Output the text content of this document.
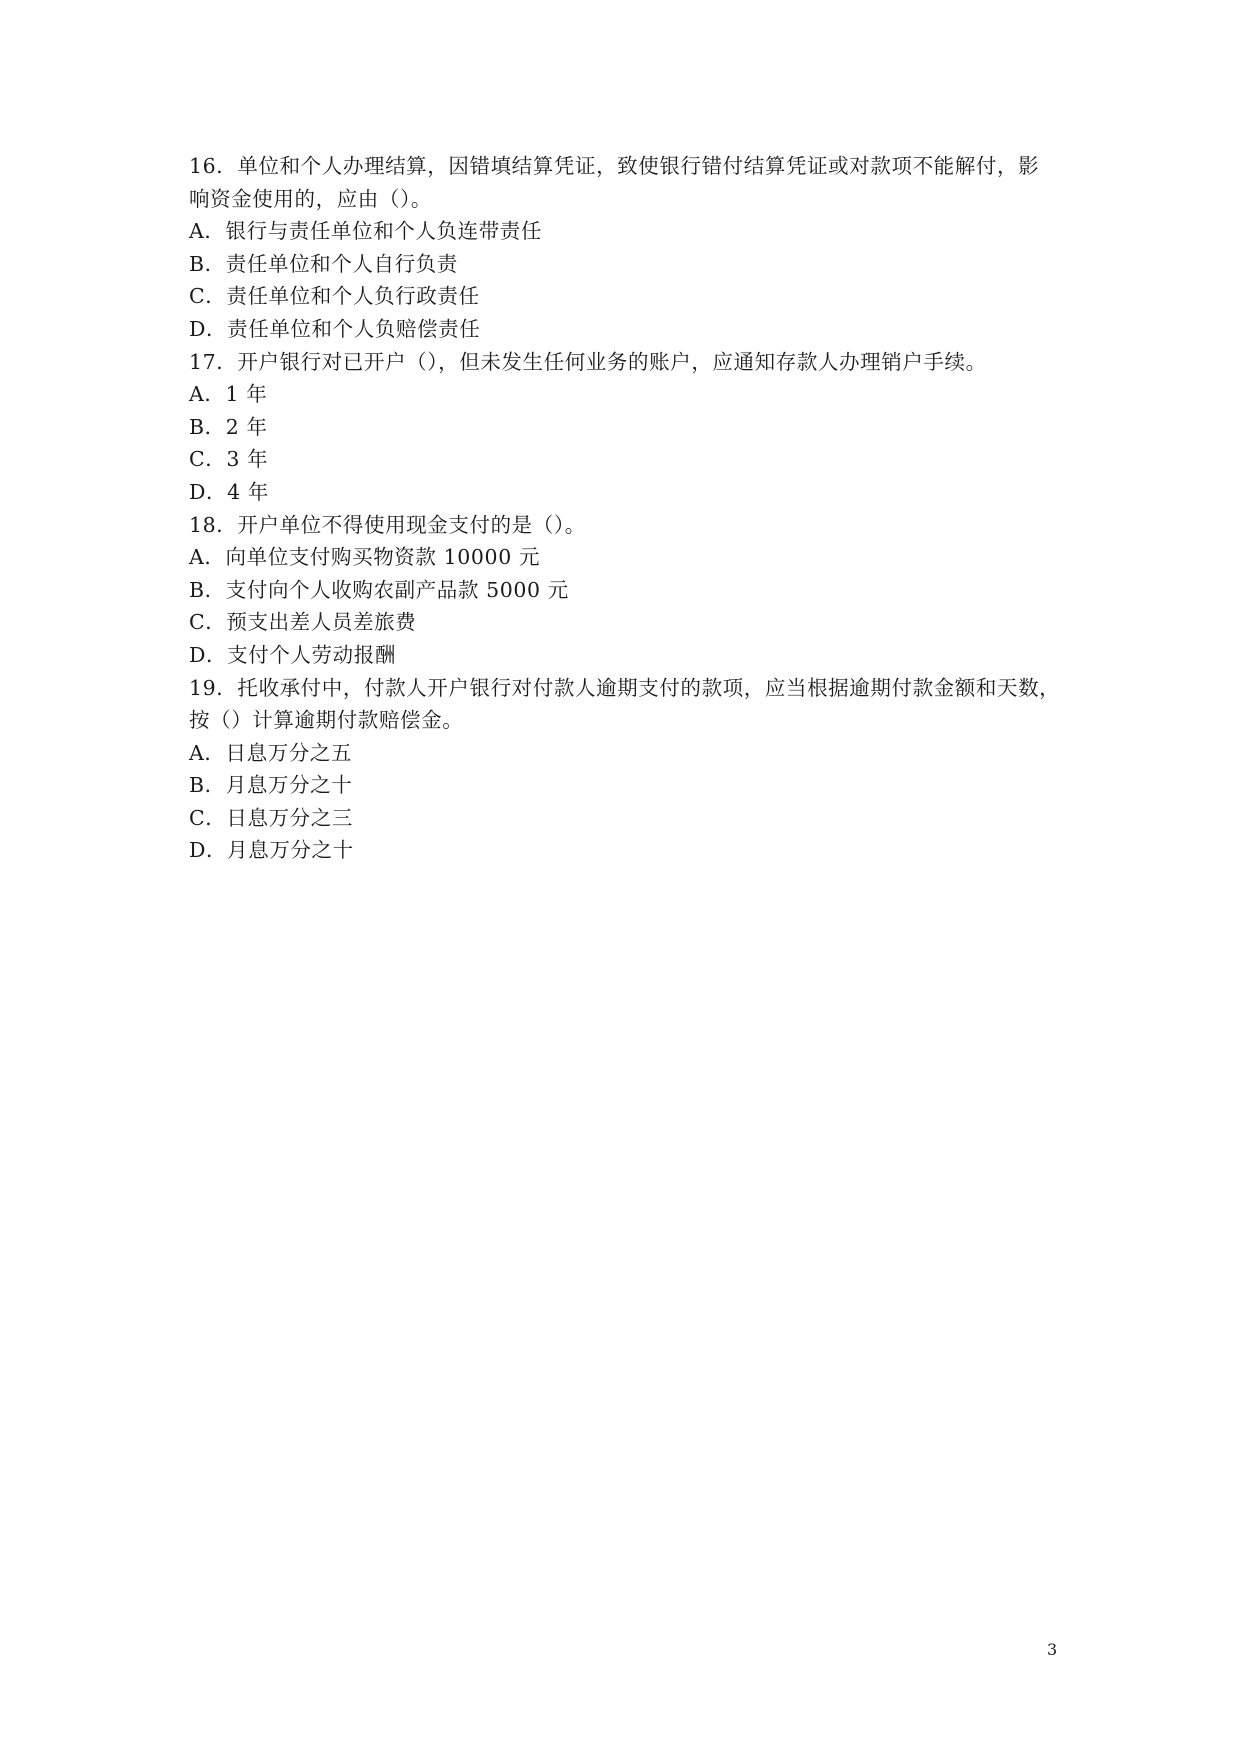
16．单位和个人办理结算，因错填结算凭证，致使银行错付结算凭证或对款项不能解付，影
响资金使用的，应由（）。
A．银行与责任单位和个人负连带责任
B．责任单位和个人自行负责
C．责任单位和个人负行政责任
D．责任单位和个人负赔偿责任
17．开户银行对已开户（），但未发生任何业务的账户，应通知存款人办理销户手续。
A．1 年
B．2 年
C．3 年
D．4 年
18．开户单位不得使用现金支付的是（）。
A．向单位支付购买物资款 10000 元
B．支付向个人收购农副产品款 5000 元
C．预支出差人员差旅费
D．支付个人劳动报酬
19．托收承付中，付款人开户银行对付款人逾期支付的款项，应当根据逾期付款金额和天数，
按（）计算逾期付款赔偿金。
A．日息万分之五
B．月息万分之十
C．日息万分之三
D．月息万分之十
3
